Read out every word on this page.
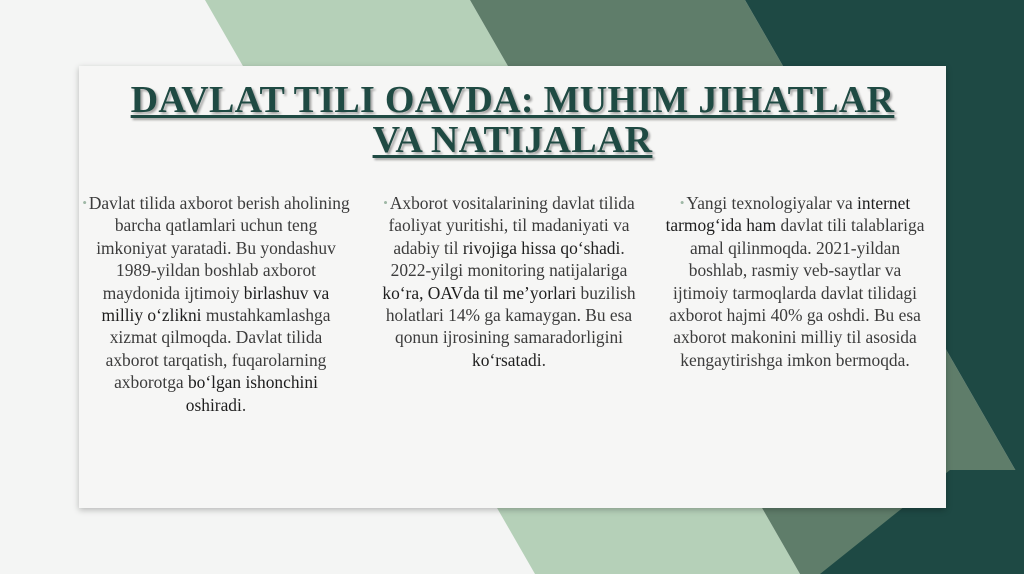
DAVLAT TILI OAVDA: MUHIM JIHATLAR
VA NATIJALAR
• Davlat tilida axborot berish aholining barcha qatlamlari uchun teng imkoniyat yaratadi. Bu yondashuv 1989-yildan boshlab axborot maydonida ijtimoiy birlashuv va milliy o‘zlikni mustahkamlashga xizmat qilmoqda. Davlat tilida axborot tarqatish, fuqarolarning axborotga bo‘lgan ishonchini oshiradi.
• Axborot vositalarining davlat tilida faoliyat yuritishi, til madaniyati va adabiy til rivojiga hissa qo‘shadi. 2022-yilgi monitoring natijalariga ko‘ra, OAVda til me’yorlari buzilish holatlari 14% ga kamaygan. Bu esa qonun ijrosining samaradorligini ko‘rsatadi.
• Yangi texnologiyalar va internet tarmog‘ida ham davlat tili talablariga amal qilinmoqda. 2021-yildan boshlab, rasmiy veb-saytlar va ijtimoiy tarmoqlarda davlat tilidagi axborot hajmi 40% ga oshdi. Bu esa axborot makonini milliy til asosida kengaytirishga imkon bermoqda.
